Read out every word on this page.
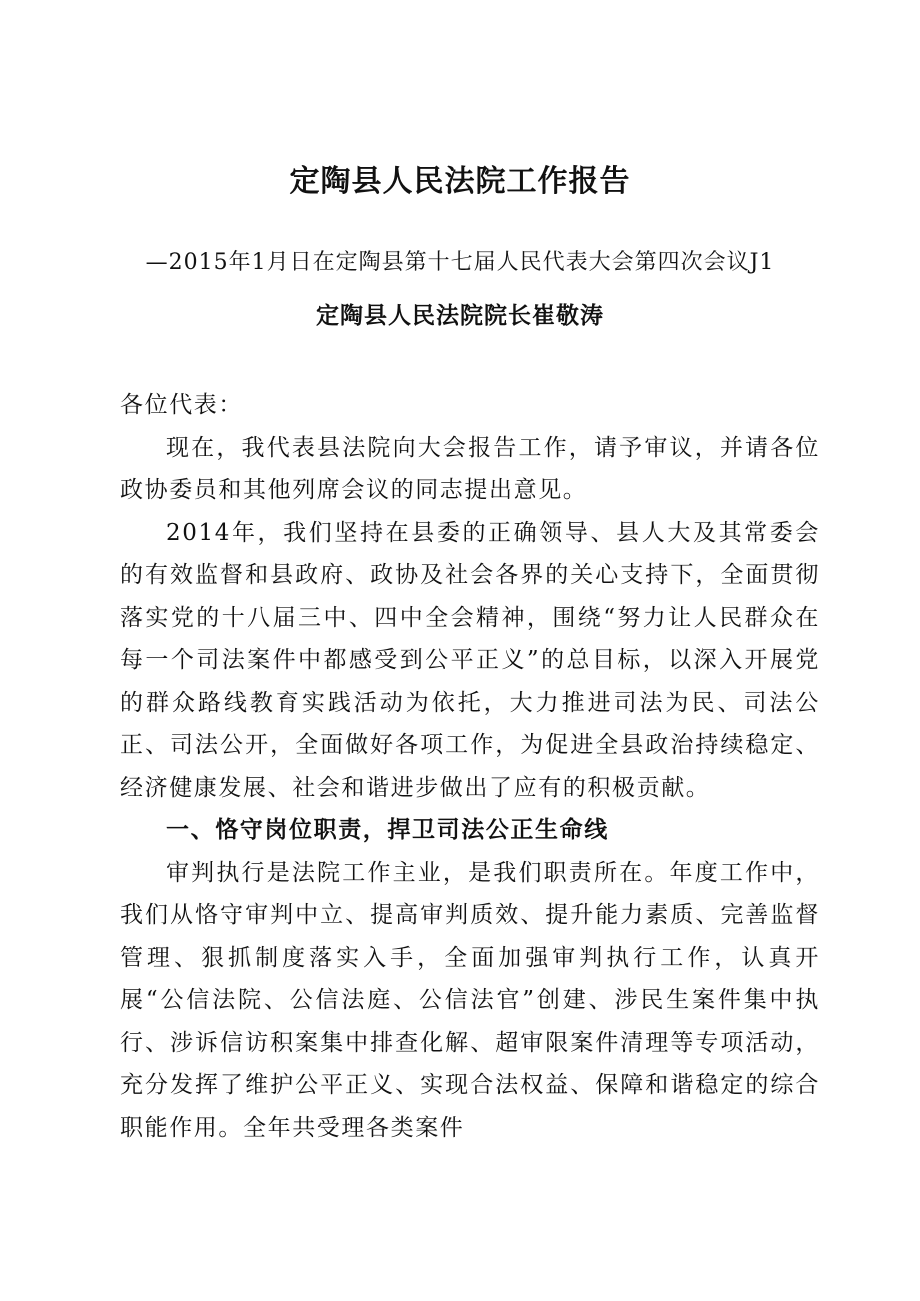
定陶县人民法院工作报告
—2015年1月日在定陶县第十七届人民代表大会第四次会议J1
定陶县人民法院院长崔敬涛

各位代表：

现在，我代表县法院向大会报告工作，请予审议，并请各位政协委员和其他列席会议的同志提出意见。

2014年，我们坚持在县委的正确领导、县人大及其常委会的有效监督和县政府、政协及社会各界的关心支持下，全面贯彻落实党的十八届三中、四中全会精神，围绕“努力让人民群众在每一个司法案件中都感受到公平正义”的总目标，以深入开展党的群众路线教育实践活动为依托，大力推进司法为民、司法公正、司法公开，全面做好各项工作，为促进全县政治持续稳定、经济健康发展、社会和谐进步做出了应有的积极贡献。

一、恪守岗位职责，捍卫司法公正生命线

审判执行是法院工作主业，是我们职责所在。年度工作中，我们从恪守审判中立、提高审判质效、提升能力素质、完善监督管理、狠抓制度落实入手，全面加强审判执行工作，认真开展“公信法院、公信法庭、公信法官”创建、涉民生案件集中执行、涉诉信访积案集中排查化解、超审限案件清理等专项活动，充分发挥了维护公平正义、实现合法权益、保障和谐稳定的综合职能作用。全年共受理各类案件
